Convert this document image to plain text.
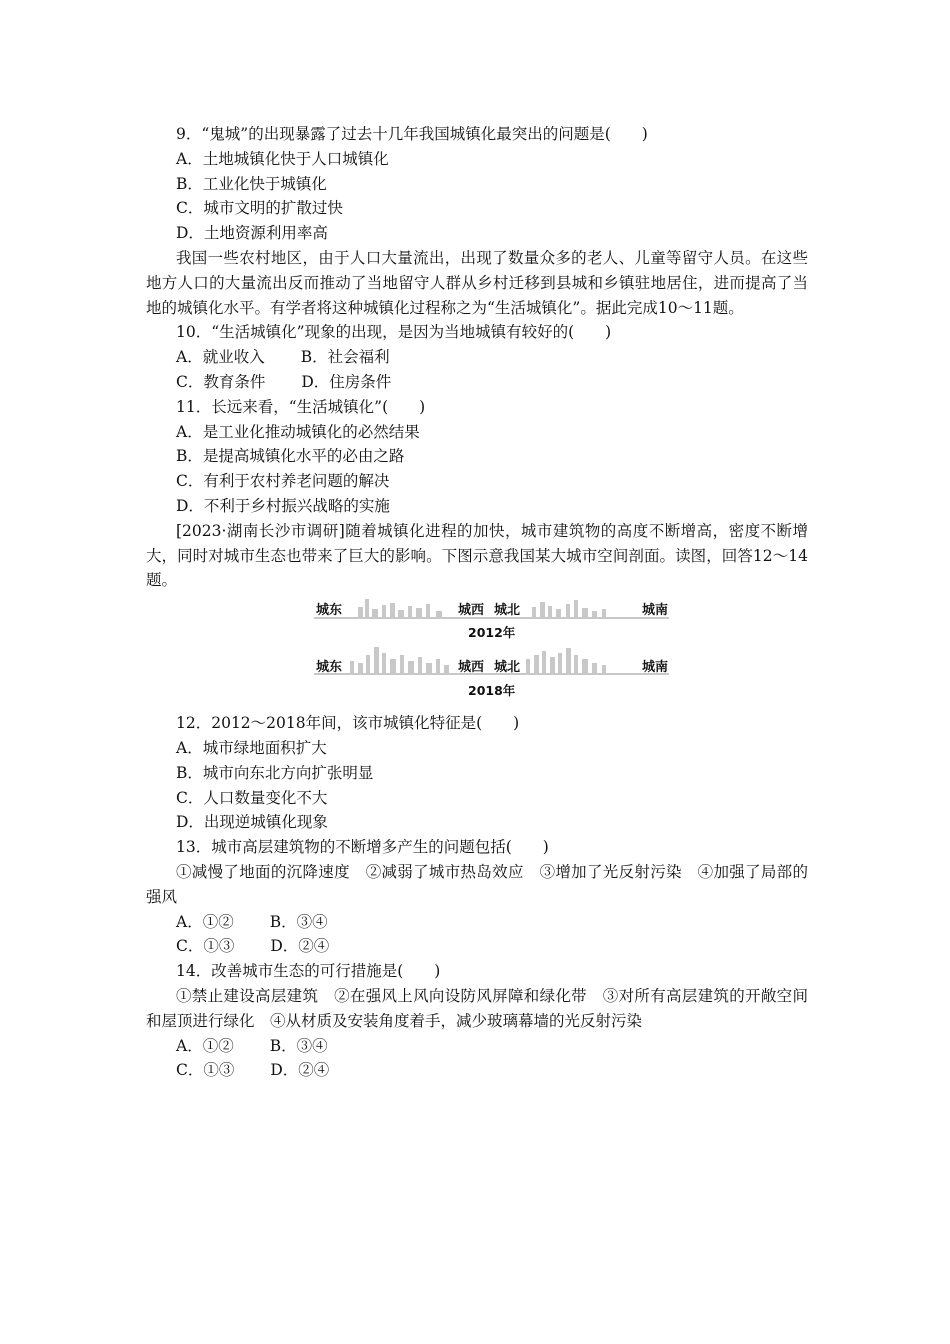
9．“鬼城”的出现暴露了过去十几年我国城镇化最突出的问题是(　　)
A．土地城镇化快于人口城镇化
B．工业化快于城镇化
C．城市文明的扩散过快
D．土地资源利用率高
我国一些农村地区，由于人口大量流出，出现了数量众多的老人、儿童等留守人员。在这些地方人口的大量流出反而推动了当地留守人群从乡村迁移到县城和乡镇驻地居住，进而提高了当地的城镇化水平。有学者将这种城镇化过程称之为“生活城镇化”。据此完成10～11题。
10．“生活城镇化”现象的出现，是因为当地城镇有较好的(　　)
A．就业收入 B．社会福利
C．教育条件 D．住房条件
11．长远来看，“生活城镇化”(　　)
A．是工业化推动城镇化的必然结果
B．是提高城镇化水平的必由之路
C．有利于农村养老问题的解决
D．不利于乡村振兴战略的实施
[2023·湖南长沙市调研]随着城镇化进程的加快，城市建筑物的高度不断增高，密度不断增大，同时对城市生态也带来了巨大的影响。下图示意我国某大城市空间剖面。读图，回答12～14题。
城东	城西 城北	城南
2012年
城东	城西 城北	城南
2018年
12．2012～2018年间，该市城镇化特征是(　　)
A．城市绿地面积扩大
B．城市向东北方向扩张明显
C．人口数量变化不大
D．出现逆城镇化现象
13．城市高层建筑物的不断增多产生的问题包括(　　)
①减慢了地面的沉降速度　②减弱了城市热岛效应　③增加了光反射污染　④加强了局部的强风
A．①② B．③④
C．①③ D．②④
14．改善城市生态的可行措施是(　　)
①禁止建设高层建筑　②在强风上风向设防风屏障和绿化带　③对所有高层建筑的开敞空间和屋顶进行绿化　④从材质及安装角度着手，减少玻璃幕墙的光反射污染
A．①② B．③④
C．①③ D．②④
